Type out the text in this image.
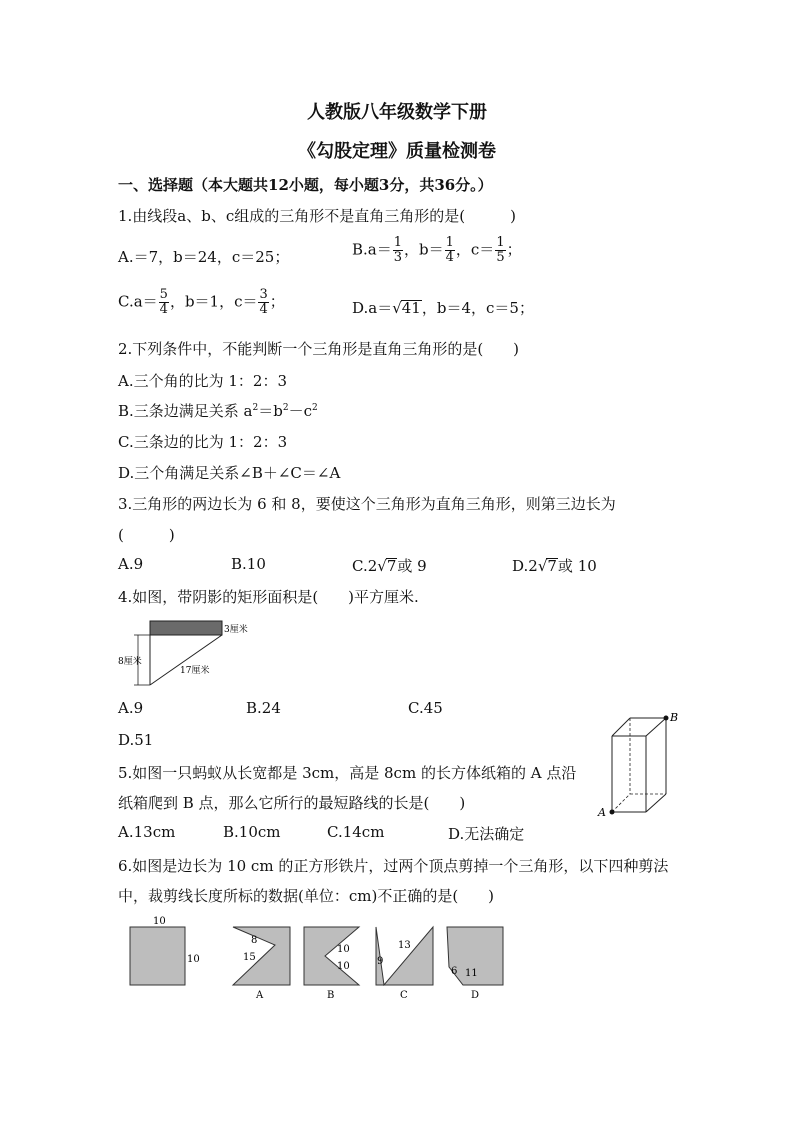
人教版八年级数学下册
《勾股定理》质量检测卷
一、选择题（本大题共12小题，每小题3分，共36分。）
1.由线段a、b、c组成的三角形不是直角三角形的是(　　　)
A.＝7，b＝24，c＝25；	$B.a= \frac{1}{3}$ ，$b= \frac{1}{4}$ ，$c= \frac{1}{5}$ ；
$C.a= \frac{5}{4}$ ，b＝1，$c= \frac{3}{4}$ ；	D.a＝√41，b＝4，c＝5；
2.下列条件中，不能判断一个三角形是直角三角形的是(　　)
A.三个角的比为 1：2：3
B.三条边满足关系 $a^2=b^2-c^2$
C.三条边的比为 1：2：3
D.三个角满足关系∠B＋∠C＝∠A
3.三角形的两边长为 6 和 8，要使这个三角形为直角三角形，则第三边长为
(　　　)
A.9	B.10	C.2√7或 9	D.2√7或 10
4.如图，带阴影的矩形面积是(　　)平方厘米.
3厘米
8厘米
17厘米
A.9	B.24	C.45
D.51
5.如图一只蚂蚁从长宽都是 3cm，高是 8cm 的长方体纸箱的 A 点沿
纸箱爬到 B 点，那么它所行的最短路线的长是(　　)
A.13cm	B.10cm	C.14cm	D.无法确定
A
B
6.如图是边长为 10 cm 的正方形铁片，过两个顶点剪掉一个三角形，以下四种剪法
中，裁剪线长度所标的数据(单位：cm)不正确的是(　　)
10
10
8
15
A
10
10
B
9
13
C
6 11
D
